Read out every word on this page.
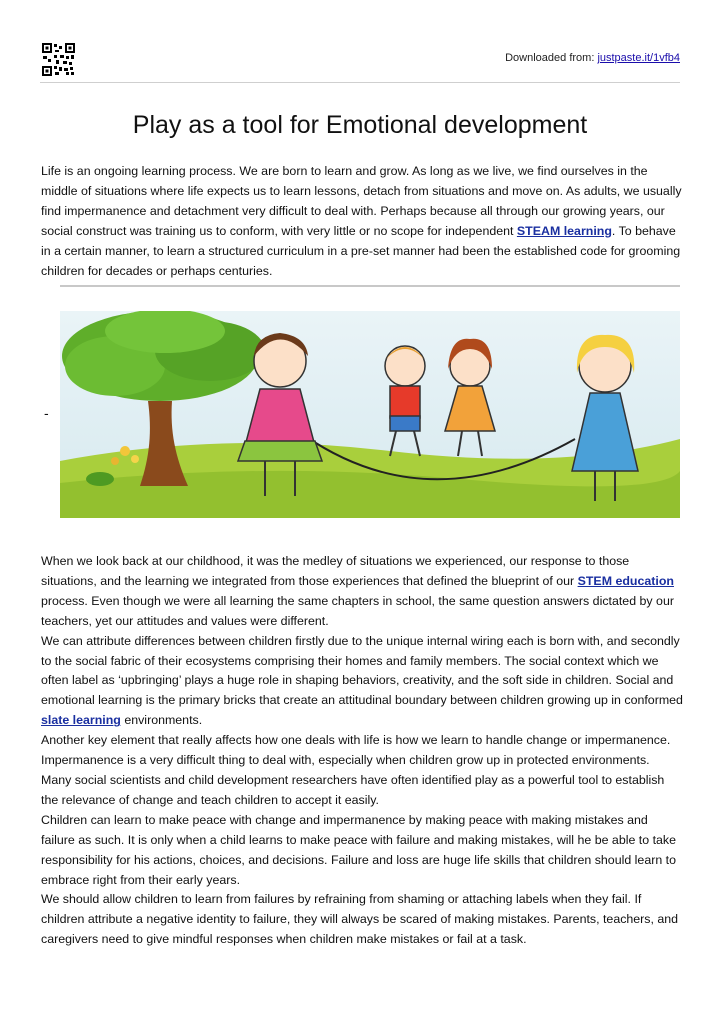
Downloaded from: justpaste.it/1vfb4
Play as a tool for Emotional development

Life is an ongoing learning process. We are born to learn and grow. As long as we live, we find ourselves in the middle of situations where life expects us to learn lessons, detach from situations and move on. As adults, we usually find impermanence and detachment very difficult to deal with. Perhaps because all through our growing years, our social construct was training us to conform, with very little or no scope for independent STEAM learning. To behave in a certain manner, to learn a structured curriculum in a pre-set manner had been the established code for grooming children for decades or perhaps centuries.

-

When we look back at our childhood, it was the medley of situations we experienced, our response to those situations, and the learning we integrated from those experiences that defined the blueprint of our STEM education process. Even though we were all learning the same chapters in school, the same question answers dictated by our teachers, yet our attitudes and values were different.
We can attribute differences between children firstly due to the unique internal wiring each is born with, and secondly to the social fabric of their ecosystems comprising their homes and family members. The social context which we often label as ‘upbringing’ plays a huge role in shaping behaviors, creativity, and the soft side in children. Social and emotional learning is the primary bricks that create an attitudinal boundary between children growing up in conformed slate learning environments.
Another key element that really affects how one deals with life is how we learn to handle change or impermanence. Impermanence is a very difficult thing to deal with, especially when children grow up in protected environments. Many social scientists and child development researchers have often identified play as a powerful tool to establish the relevance of change and teach children to accept it easily.
Children can learn to make peace with change and impermanence by making peace with making mistakes and failure as such. It is only when a child learns to make peace with failure and making mistakes, will he be able to take responsibility for his actions, choices, and decisions. Failure and loss are huge life skills that children should learn to embrace right from their early years.
We should allow children to learn from failures by refraining from shaming or attaching labels when they fail. If children attribute a negative identity to failure, they will always be scared of making mistakes. Parents, teachers, and caregivers need to give mindful responses when children make mistakes or fail at a task.
